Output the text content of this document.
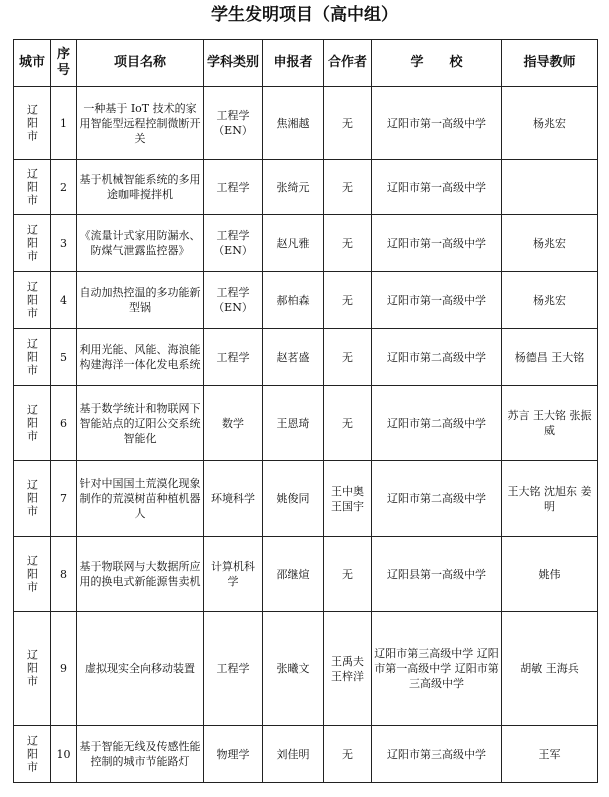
学生发明项目（高中组）
城市	序号	项目名称	学科类别	申报者	合作者	学　　校	指导教师
辽阳市	1	一种基于 IoT 技术的家用智能型远程控制微断开关	工程学（EN）	焦湘越	无	辽阳市第一高级中学	杨兆宏
辽阳市	2	基于机械智能系统的多用途咖啡搅拌机	工程学	张绮元	无	辽阳市第一高级中学	
辽阳市	3	《流量计式家用防漏水、防煤气泄露监控器》	工程学（EN）	赵凡雅	无	辽阳市第一高级中学	杨兆宏
辽阳市	4	自动加热控温的多功能新型锅	工程学（EN）	郝柏森	无	辽阳市第一高级中学	杨兆宏
辽阳市	5	利用光能、风能、海浪能构建海洋一体化发电系统	工程学	赵茗盛	无	辽阳市第二高级中学	杨德昌 王大铭
辽阳市	6	基于数学统计和物联网下智能站点的辽阳公交系统智能化	数学	王恩琦	无	辽阳市第二高级中学	苏言 王大铭 张振威
辽阳市	7	针对中国国土荒漠化现象制作的荒漠树苗种植机器人	环境科学	姚俊同	王中奥 王国宇	辽阳市第二高级中学	王大铭 沈旭东 姜明
辽阳市	8	基于物联网与大数据所应用的换电式新能源售卖机	计算机科学	邵继煊	无	辽阳县第一高级中学	姚伟
辽阳市	9	虚拟现实全向移动装置	工程学	张曦文	王禹夫 王梓洋	辽阳市第三高级中学 辽阳市第一高级中学 辽阳市第三高级中学	胡敏 王海兵
辽阳市	10	基于智能无线及传感性能控制的城市节能路灯	物理学	刘佳明	无	辽阳市第三高级中学	王军
